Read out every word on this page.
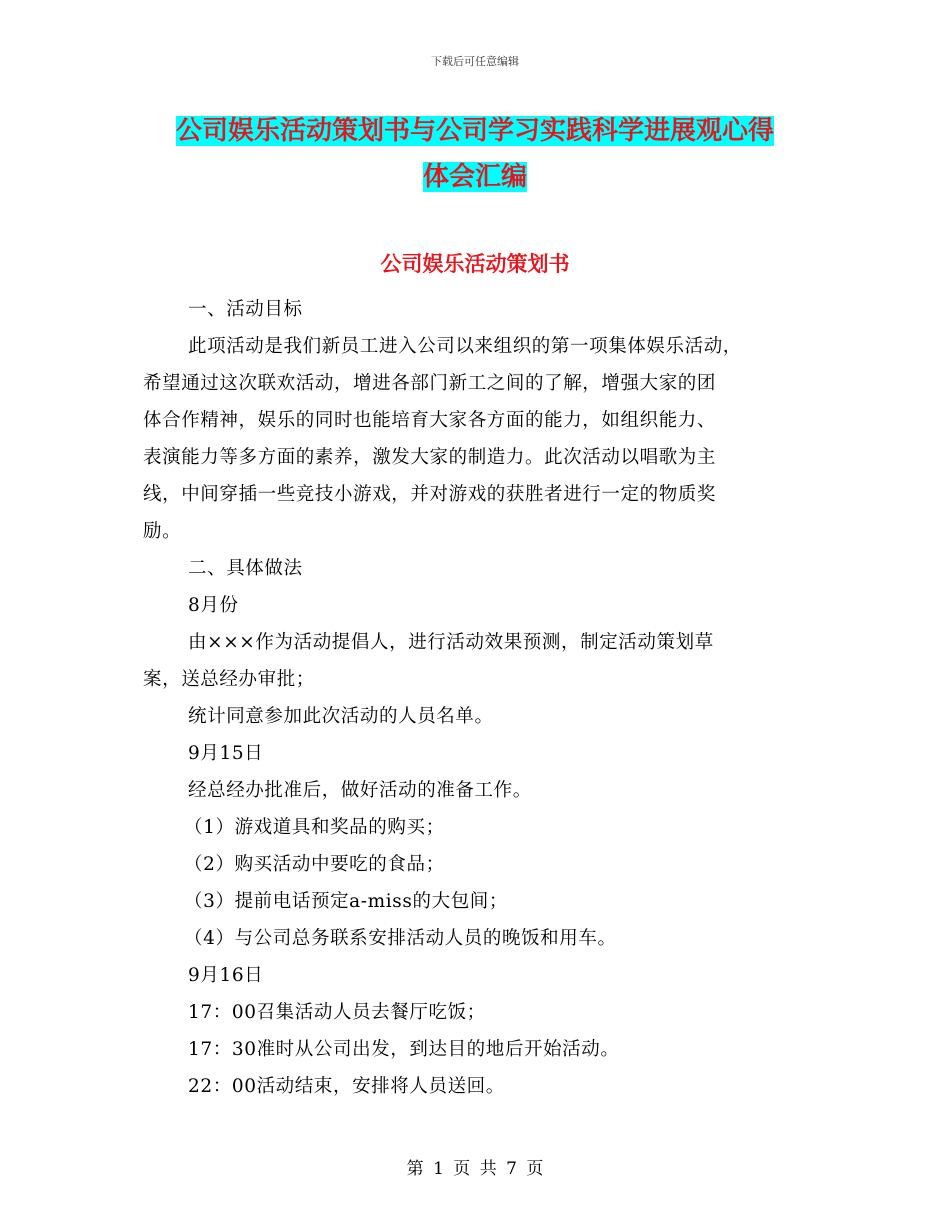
下载后可任意编辑
公司娱乐活动策划书与公司学习实践科学进展观心得
体会汇编
公司娱乐活动策划书

一、活动目标

此项活动是我们新员工进入公司以来组织的第一项集体娱乐活动，

希望通过这次联欢活动，增进各部门新工之间的了解，增强大家的团

体合作精神，娱乐的同时也能培育大家各方面的能力，如组织能力、

表演能力等多方面的素养，激发大家的制造力。此次活动以唱歌为主

线，中间穿插一些竞技小游戏，并对游戏的获胜者进行一定的物质奖

励。

二、具体做法

8月份

由×××作为活动提倡人，进行活动效果预测，制定活动策划草

案，送总经办审批；

统计同意参加此次活动的人员名单。

9月15日

经总经办批准后，做好活动的准备工作。

（1）游戏道具和奖品的购买；

（2）购买活动中要吃的食品；

（3）提前电话预定a-miss的大包间；

（4）与公司总务联系安排活动人员的晚饭和用车。

9月16日

17：00召集活动人员去餐厅吃饭；

17：30准时从公司出发，到达目的地后开始活动。

22：00活动结束，安排将人员送回。

第 1 页 共 7 页
